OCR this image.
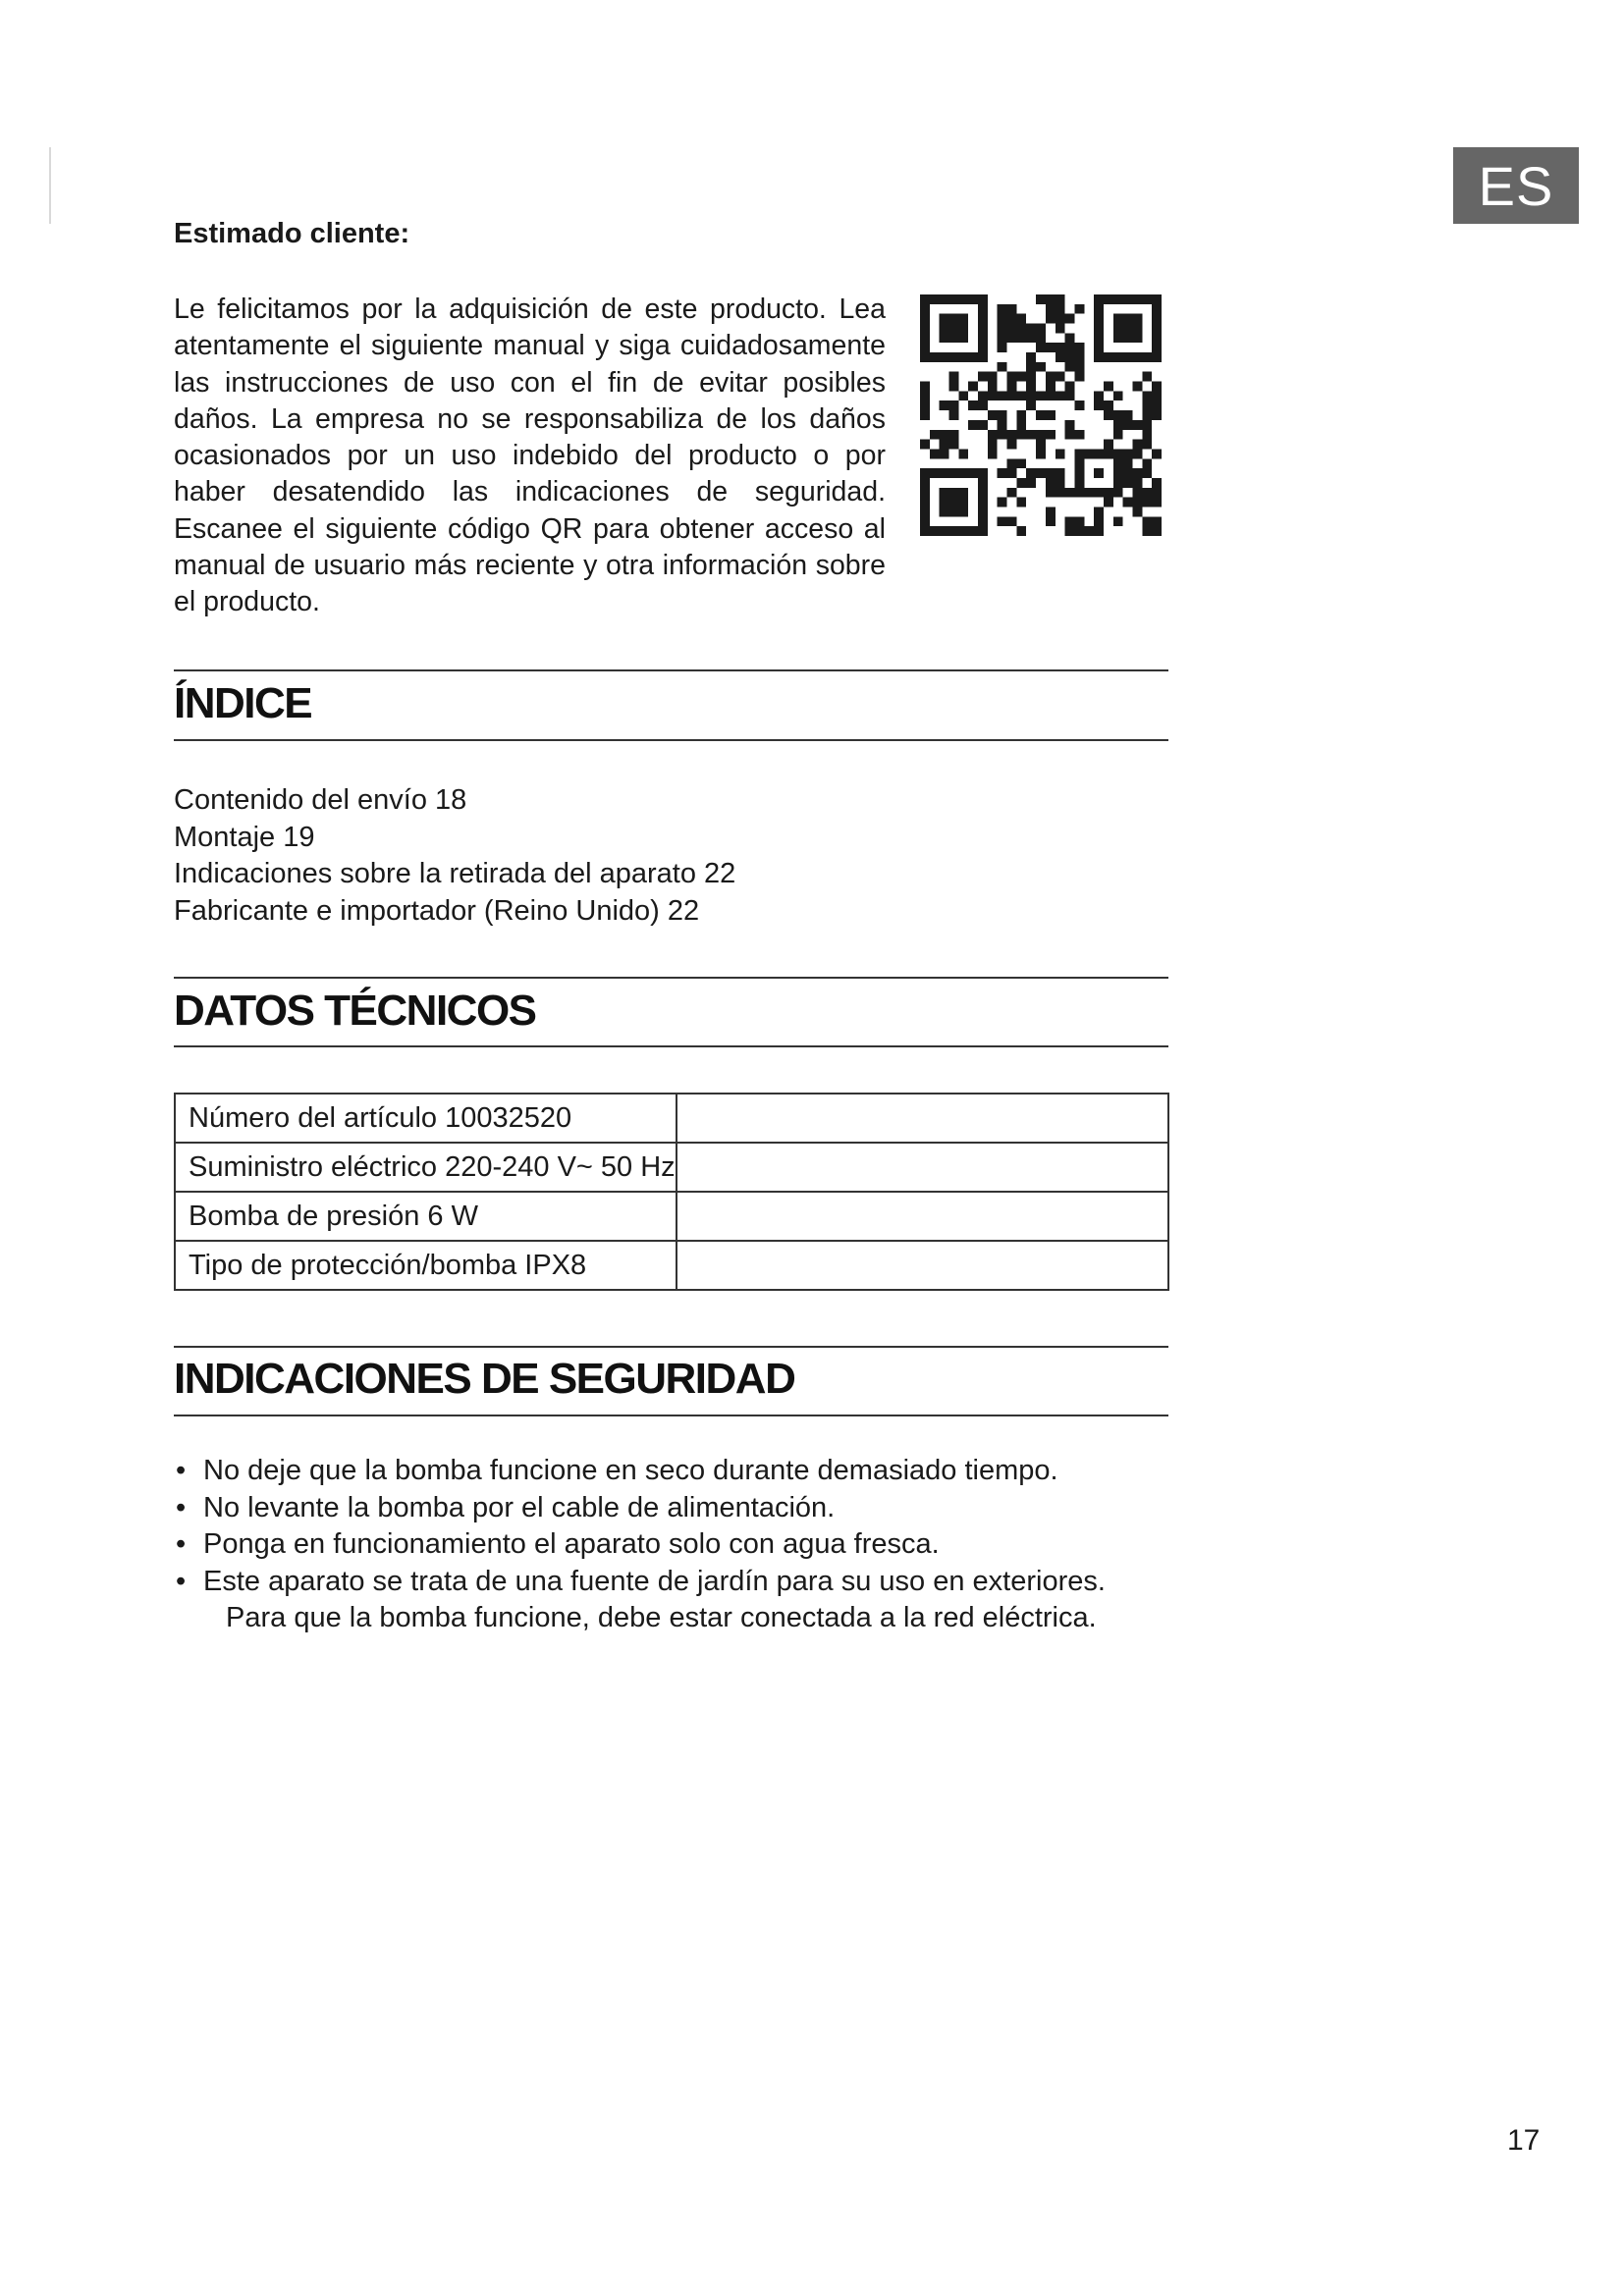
ES
Estimado cliente:

Le felicitamos por la adquisición de este producto. Lea atentamente el siguiente manual y siga cuidadosamente las instrucciones de uso con el fin de evitar posibles daños. La empresa no se responsabiliza de los daños ocasionados por un uso indebido del producto o por haber desatendido las indicaciones de seguridad. Escanee el siguiente código QR para obtener acceso al manual de usuario más reciente y otra información sobre el producto.

ÍNDICE
Contenido del envío 18
Montaje 19
Indicaciones sobre la retirada del aparato 22
Fabricante e importador (Reino Unido) 22
DATOS TÉCNICOS
Número del artículo 10032520	
Suministro eléctrico 220-240 V~ 50 Hz	
Bomba de presión 6 W	
Tipo de protección/bomba IPX8	
INDICACIONES DE SEGURIDAD
• No deje que la bomba funcione en seco durante demasiado tiempo.
• No levante la bomba por el cable de alimentación.
• Ponga en funcionamiento el aparato solo con agua fresca.
• Este aparato se trata de una fuente de jardín para su uso en exteriores.
Para que la bomba funcione, debe estar conectada a la red eléctrica.
17
